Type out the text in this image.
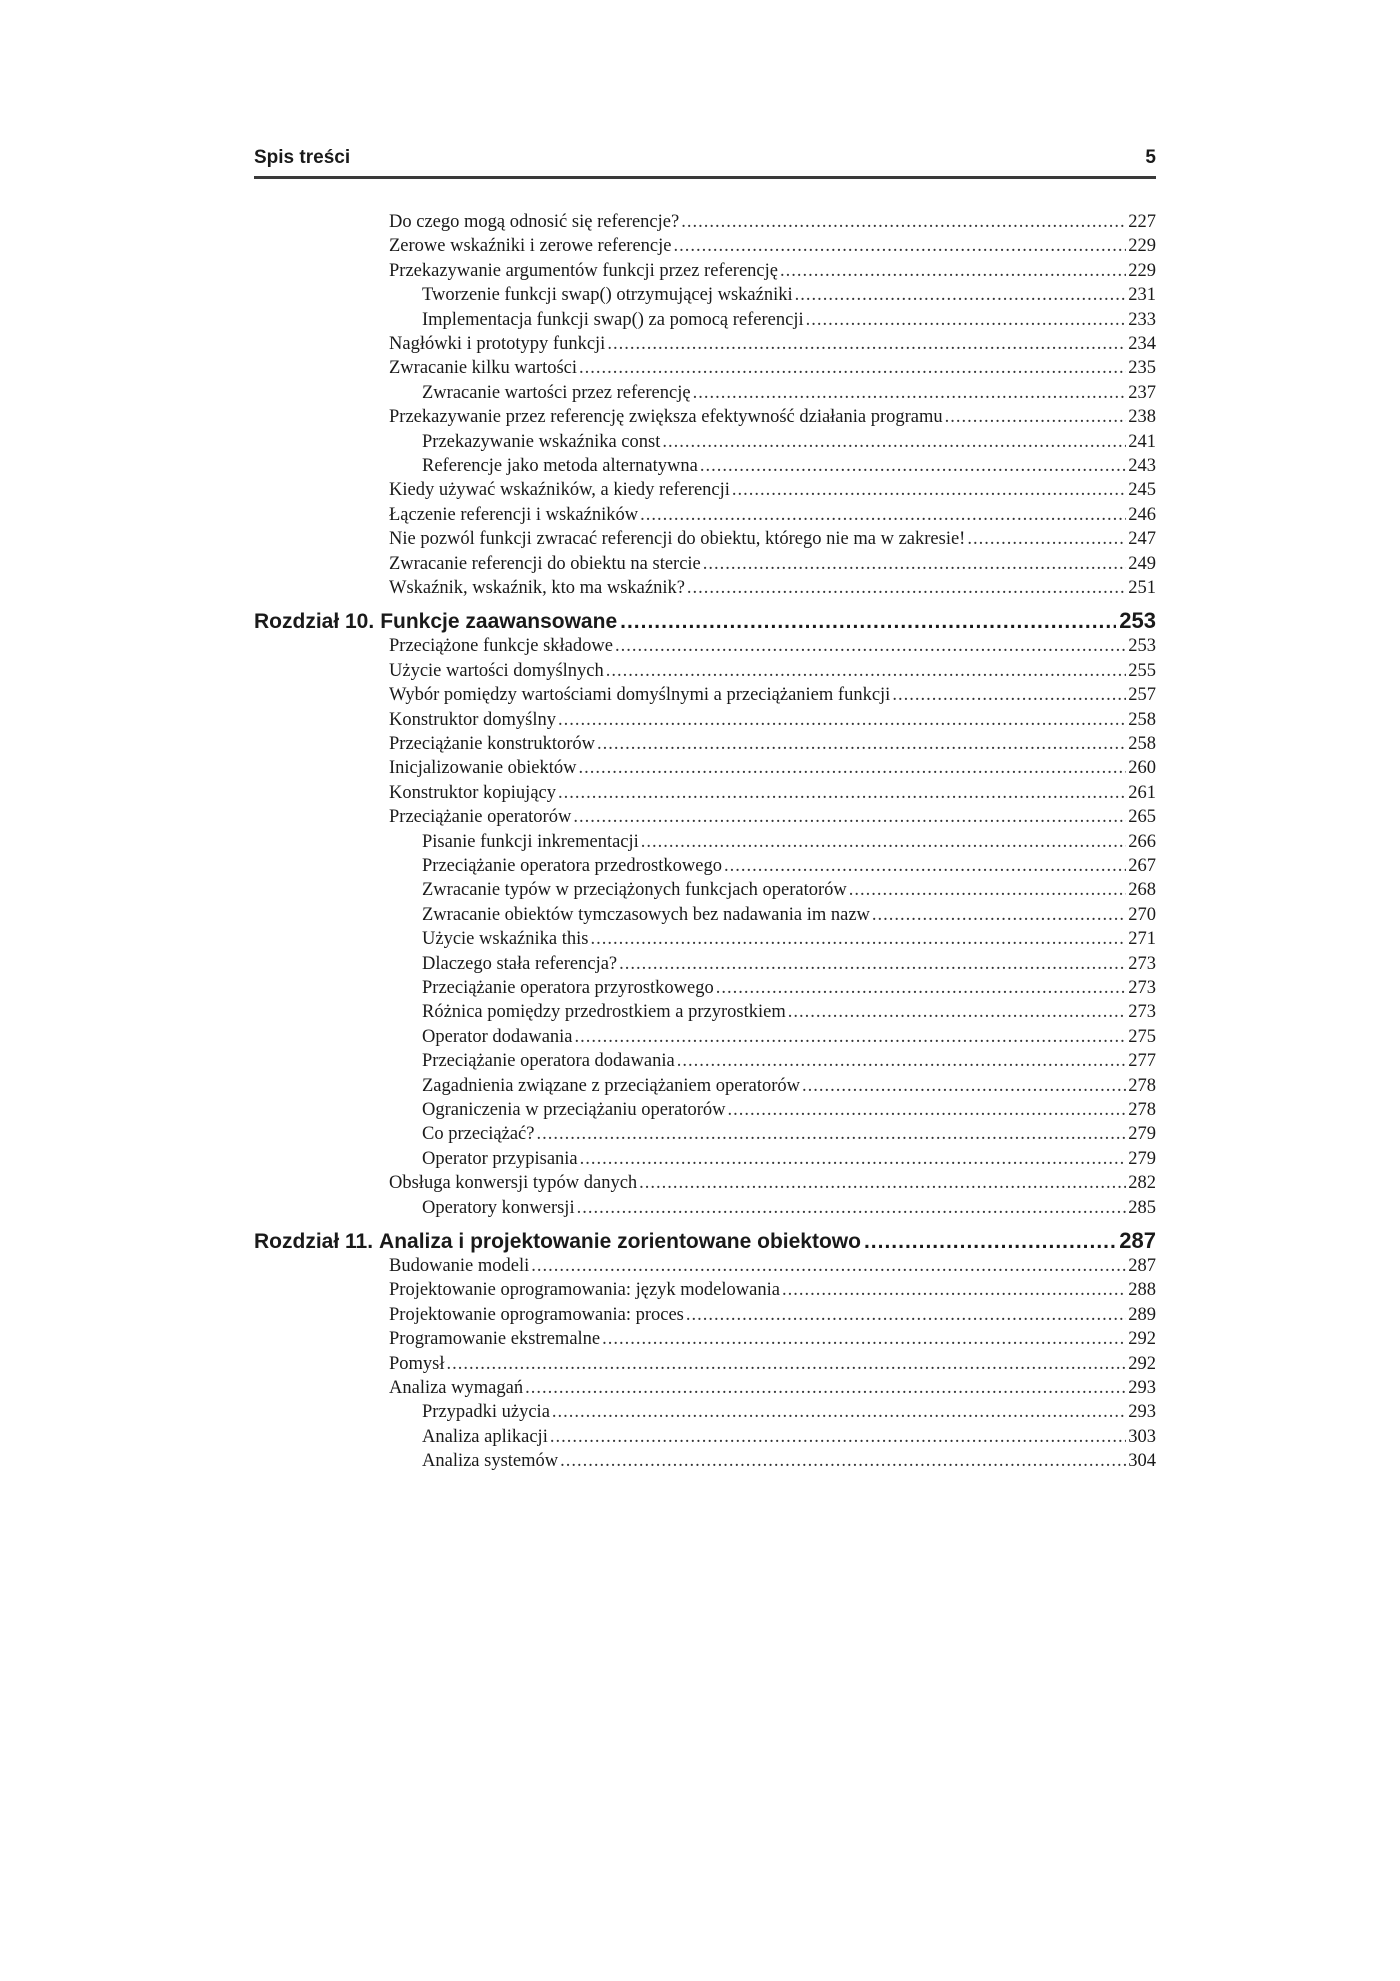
Spis treści	5
Do czego mogą odnosić się referencje? .....	227
Zerowe wskaźniki i zerowe referencje .....	229
Przekazywanie argumentów funkcji przez referencję .....	229
Tworzenie funkcji swap() otrzymującej wskaźniki .....	231
Implementacja funkcji swap() za pomocą referencji .....	233
Nagłówki i prototypy funkcji .....	234
Zwracanie kilku wartości .....	235
Zwracanie wartości przez referencję .....	237
Przekazywanie przez referencję zwiększa efektywność działania programu .....	238
Przekazywanie wskaźnika const .....	241
Referencje jako metoda alternatywna .....	243
Kiedy używać wskaźników, a kiedy referencji .....	245
Łączenie referencji i wskaźników .....	246
Nie pozwól funkcji zwracać referencji do obiektu, którego nie ma w zakresie! .....	247
Zwracanie referencji do obiektu na stercie .....	249
Wskaźnik, wskaźnik, kto ma wskaźnik? .....	251
Rozdział 10. Funkcje zaawansowane .....	253
Przeciążone funkcje składowe .....	253
Użycie wartości domyślnych .....	255
Wybór pomiędzy wartościami domyślnymi a przeciążaniem funkcji .....	257
Konstruktor domyślny .....	258
Przeciążanie konstruktorów .....	258
Inicjalizowanie obiektów .....	260
Konstruktor kopiujący .....	261
Przeciążanie operatorów .....	265
Pisanie funkcji inkrementacji .....	266
Przeciążanie operatora przedrostkowego .....	267
Zwracanie typów w przeciążonych funkcjach operatorów .....	268
Zwracanie obiektów tymczasowych bez nadawania im nazw .....	270
Użycie wskaźnika this .....	271
Dlaczego stała referencja? .....	273
Przeciążanie operatora przyrostkowego .....	273
Różnica pomiędzy przedrostkiem a przyrostkiem .....	273
Operator dodawania .....	275
Przeciążanie operatora dodawania .....	277
Zagadnienia związane z przeciążaniem operatorów .....	278
Ograniczenia w przeciążaniu operatorów .....	278
Co przeciążać? .....	279
Operator przypisania .....	279
Obsługa konwersji typów danych .....	282
Operatory konwersji .....	285
Rozdział 11. Analiza i projektowanie zorientowane obiektowo .....	287
Budowanie modeli .....	287
Projektowanie oprogramowania: język modelowania .....	288
Projektowanie oprogramowania: proces .....	289
Programowanie ekstremalne .....	292
Pomysł .....	292
Analiza wymagań .....	293
Przypadki użycia .....	293
Analiza aplikacji .....	303
Analiza systemów .....	304
